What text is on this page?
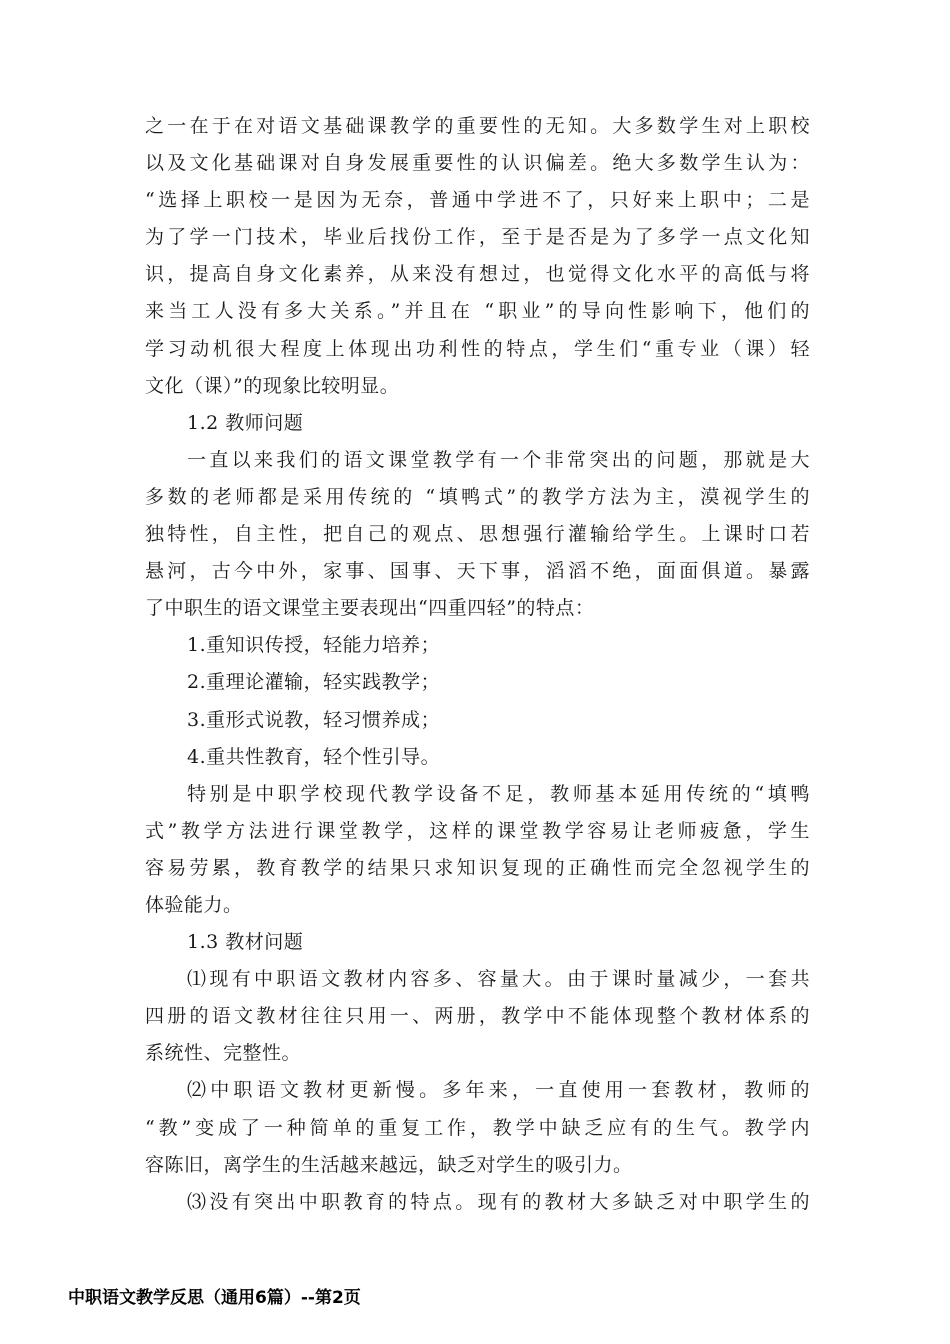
之一在于在对语文基础课教学的重要性的无知。大多数学生对上职校
以及文化基础课对自身发展重要性的认识偏差。绝大多数学生认为：
“选择上职校一是因为无奈，普通中学进不了，只好来上职中；二是
为了学一门技术，毕业后找份工作，至于是否是为了多学一点文化知
识，提高自身文化素养，从来没有想过，也觉得文化水平的高低与将
来当工人没有多大关系。”并且在 “职业”的导向性影响下，他们的
学习动机很大程度上体现出功利性的特点，学生们“重专业（课）轻
文化（课）”的现象比较明显。
1.2 教师问题
一直以来我们的语文课堂教学有一个非常突出的问题，那就是大
多数的老师都是采用传统的 “填鸭式”的教学方法为主，漠视学生的
独特性，自主性，把自己的观点、思想强行灌输给学生。上课时口若
悬河，古今中外，家事、国事、天下事，滔滔不绝，面面俱道。暴露
了中职生的语文课堂主要表现出“四重四轻”的特点：
1.重知识传授，轻能力培养；
2.重理论灌输，轻实践教学；
3.重形式说教，轻习惯养成；
4.重共性教育，轻个性引导。
特别是中职学校现代教学设备不足，教师基本延用传统的“填鸭
式”教学方法进行课堂教学，这样的课堂教学容易让老师疲惫，学生
容易劳累，教育教学的结果只求知识复现的正确性而完全忽视学生的
体验能力。
1.3 教材问题
⑴现有中职语文教材内容多、容量大。由于课时量减少，一套共
四册的语文教材往往只用一、两册，教学中不能体现整个教材体系的
系统性、完整性。
⑵中职语文教材更新慢。多年来，一直使用一套教材，教师的
“教”变成了一种简单的重复工作，教学中缺乏应有的生气。教学内
容陈旧，离学生的生活越来越远，缺乏对学生的吸引力。
⑶没有突出中职教育的特点。现有的教材大多缺乏对中职学生的
中职语文教学反思（通用6篇）--第2页
